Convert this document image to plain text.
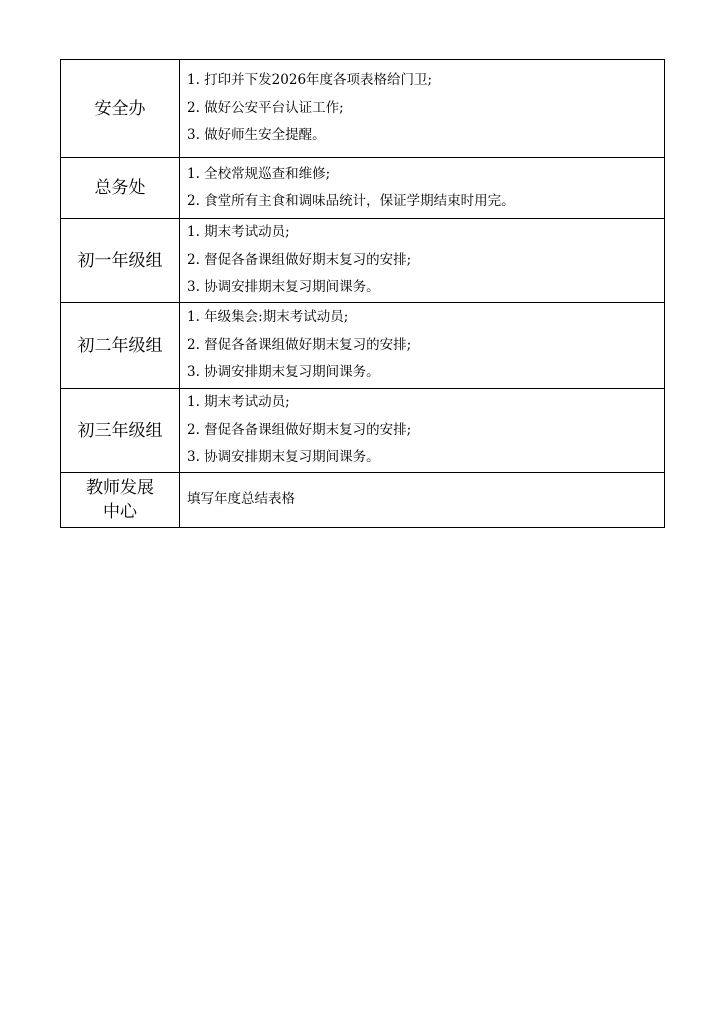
安全办	1. 打印并下发2026年度各项表格给门卫;
2. 做好公安平台认证工作;
3. 做好师生安全提醒。

总务处	1. 全校常规巡查和维修;
2. 食堂所有主食和调味品统计，保证学期结束时用完。

初一年级组	1. 期末考试动员;
2. 督促各备课组做好期末复习的安排;
3. 协调安排期末复习期间课务。

初二年级组	1. 年级集会:期末考试动员;
2. 督促各备课组做好期末复习的安排;
3. 协调安排期末复习期间课务。

初三年级组	1. 期末考试动员;
2. 督促各备课组做好期末复习的安排;
3. 协调安排期末复习期间课务。

教师发展中心	填写年度总结表格
